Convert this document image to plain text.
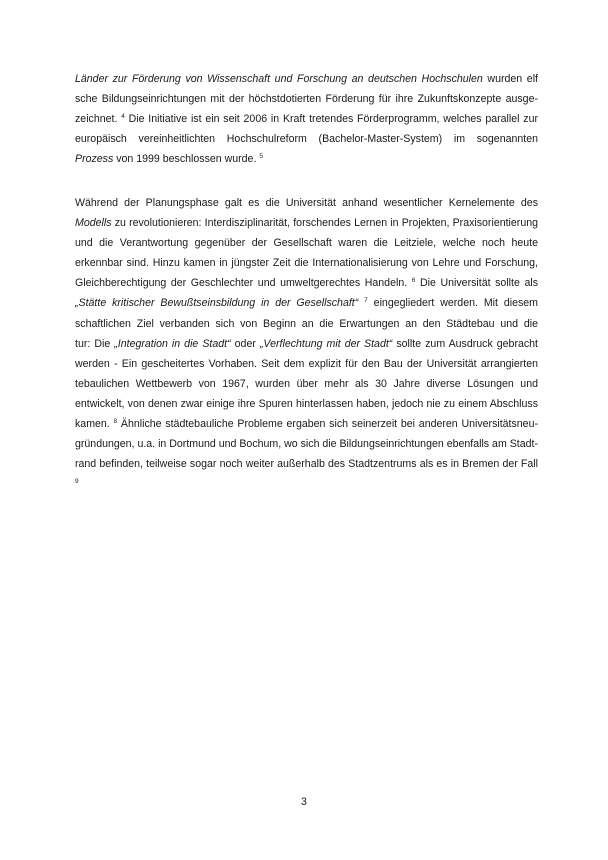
Länder zur Förderung von Wissenschaft und Forschung an deutschen Hochschulen wurden elf
sche Bildungseinrichtungen mit der höchstdotierten Förderung für ihre Zukunftskonzepte ausge-
zeichnet. $^4$ Die Initiative ist ein seit 2006 in Kraft tretendes Förderprogramm, welches parallel zur
europäisch vereinheitlichten Hochschulreform (Bachelor-Master-System) im sogenannten
Prozess von 1999 beschlossen wurde. $^5$
Während der Planungsphase galt es die Universität anhand wesentlicher Kernelemente des
Modells zu revolutionieren: Interdisziplinarität, forschendes Lernen in Projekten, Praxisorientierung
und die Verantwortung gegenüber der Gesellschaft waren die Leitziele, welche noch heute
erkennbar sind. Hinzu kamen in jüngster Zeit die Internationalisierung von Lehre und Forschung,
Gleichberechtigung der Geschlechter und umweltgerechtes Handeln. $^6$ Die Universität sollte als
„Stätte kritischer Bewußtseinsbildung in der Gesellschaft“ $^7$ eingegliedert werden. Mit diesem
schaftlichen Ziel verbanden sich von Beginn an die Erwartungen an den Städtebau und die
tur: Die „Integration in die Stadt“ oder „Verflechtung mit der Stadt“ sollte zum Ausdruck gebracht
werden - Ein gescheitertes Vorhaben. Seit dem explizit für den Bau der Universität arrangierten
tebaulichen Wettbewerb von 1967, wurden über mehr als 30 Jahre diverse Lösungen und
entwickelt, von denen zwar einige ihre Spuren hinterlassen haben, jedoch nie zu einem Abschluss
kamen. $^8$ Ähnliche städtebauliche Probleme ergaben sich seinerzeit bei anderen Universitätsneu-
gründungen, u.a. in Dortmund und Bochum, wo sich die Bildungseinrichtungen ebenfalls am Stadt-
rand befinden, teilweise sogar noch weiter außerhalb des Stadtzentrums als es in Bremen der Fall
$^9$
3
